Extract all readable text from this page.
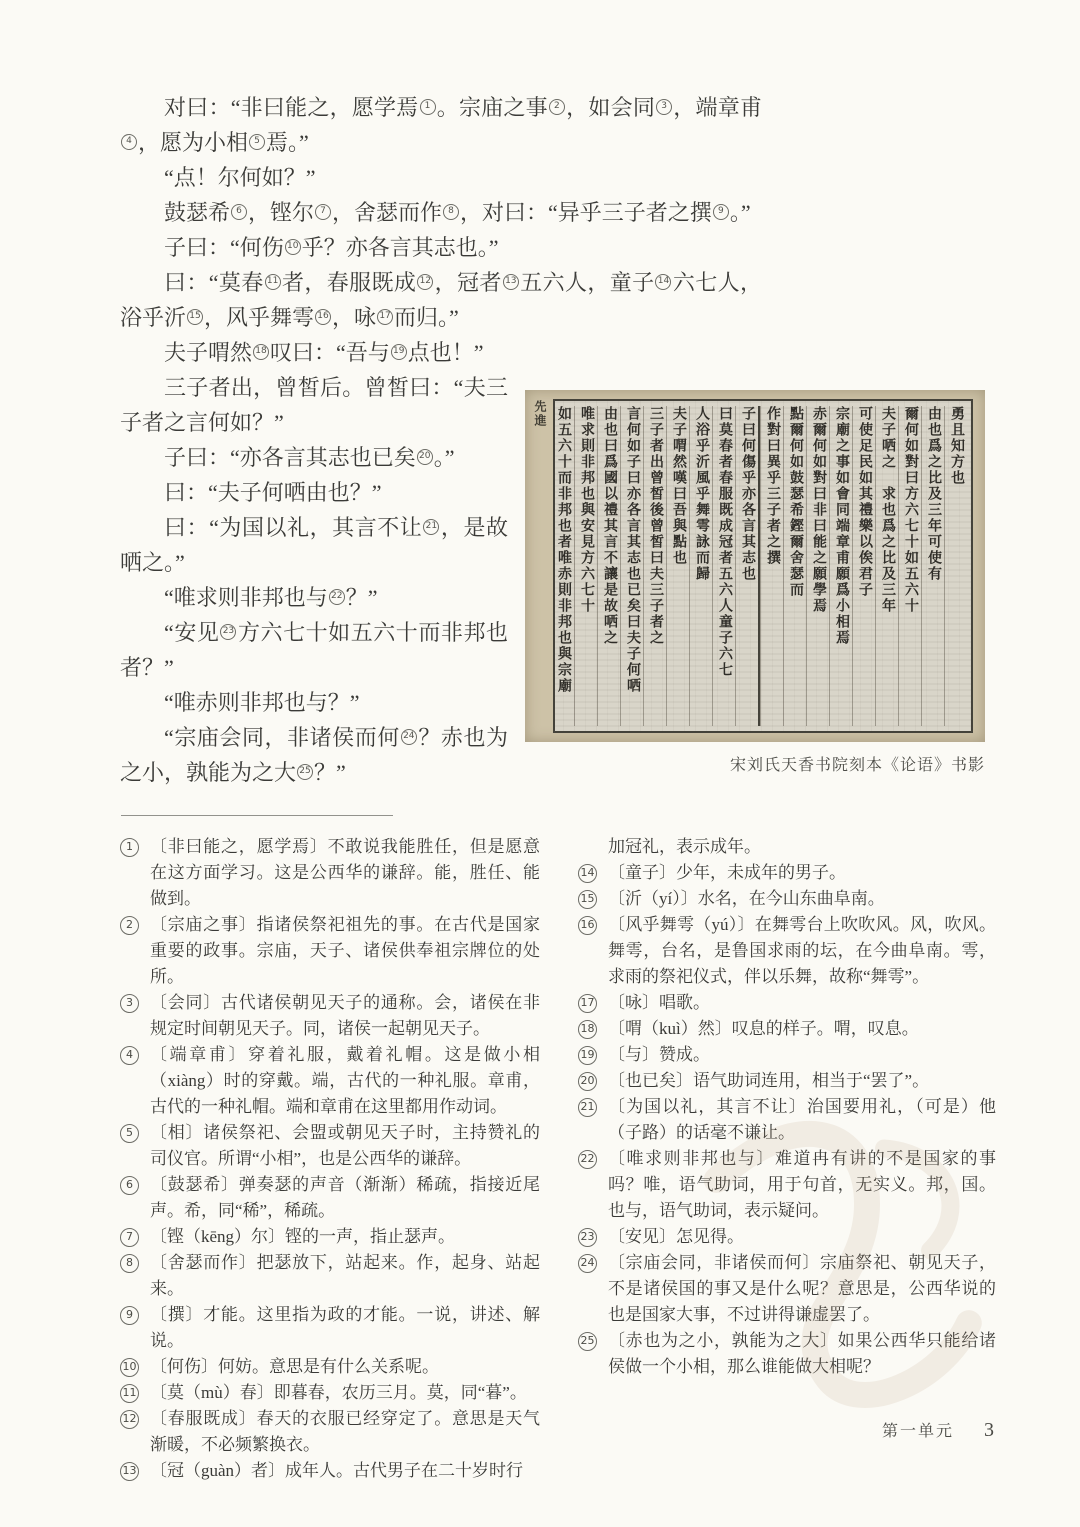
对曰：“非曰能之，愿学焉 1 。宗庙之事 2 ，如会同 3 ，端章甫4 ，愿为小相 5 焉。”

“点！尔何如？”

鼓瑟希 6 ，铿尔 7 ，舍瑟而作 8 ，对曰：“异乎三子者之撰 9 。”

子曰：“何伤 10 乎？亦各言其志也。”

曰：“莫春 11 者，春服既成 12 ，冠者 13 五六人，童子 14 六七人，浴乎沂 15 ，风乎舞雩 16 ，咏 17 而归。”

夫子喟然 18 叹曰：“吾与 19 点也！”

三子者出，曾皙后。曾皙曰：“夫三子者之言何如？”

子曰：“亦各言其志也已矣 20 。”

曰：“夫子何哂由也？”

曰：“为国以礼，其言不让 21 ，是故哂之。”

“唯求则非邦也与 22 ？”

“安见 23 方六七十如五六十而非邦也者？”

“唯赤则非邦也与？”

“宗庙会同，非诸侯而何 24 ？赤也为之小，孰能为之大 25 ？”

先進	勇且知方也
由也爲之比及三年可使有
爾何如對曰方六七十如五六十
夫子哂之　求也爲之比及三年
可使足民如其禮樂以俟君子
宗廟之事如會同端章甫願爲小相焉
赤爾何如對曰非曰能之願學焉
點爾何如鼓瑟希鏗爾舍瑟而
作對曰異乎三子者之撰
子曰何傷乎亦各言其志也
曰莫春者春服既成冠者五六人童子六七
人浴乎沂風乎舞雩詠而歸
夫子喟然嘆曰吾與點也
三子者出曾皙後曾皙曰夫三子者之
言何如子曰亦各言其志也已矣曰夫子何哂
由也曰爲國以禮其言不讓是故哂之
唯求則非邦也與安見方六七十
如五六十而非邦也者唯赤則非邦也與宗廟
宋刘氏天香书院刻本《论语》书影
1	〔非曰能之，愿学焉〕不敢说我能胜任，但是愿意在这方面学习。这是公西华的谦辞。能，胜任、能做到。
2	〔宗庙之事〕指诸侯祭祀祖先的事。在古代是国家重要的政事。宗庙，天子、诸侯供奉祖宗牌位的处所。
3	〔会同〕古代诸侯朝见天子的通称。会，诸侯在非规定时间朝见天子。同，诸侯一起朝见天子。
4	〔端章甫〕穿着礼服，戴着礼帽。这是做小相（xiàng）时的穿戴。端，古代的一种礼服。章甫，古代的一种礼帽。端和章甫在这里都用作动词。
5	〔相〕诸侯祭祀、会盟或朝见天子时，主持赞礼的司仪官。所谓“小相”，也是公西华的谦辞。
6	〔鼓瑟希〕弹奏瑟的声音（渐渐）稀疏，指接近尾声。希，同“稀”，稀疏。
7	〔铿（kēng）尔〕铿的一声，指止瑟声。
8	〔舍瑟而作〕把瑟放下，站起来。作，起身、站起来。
9	〔撰〕才能。这里指为政的才能。一说，讲述、解说。
10 〔何伤〕何妨。意思是有什么关系呢。
11 〔莫（mù）春〕即暮春，农历三月。莫，同“暮”。
12 〔春服既成〕春天的衣服已经穿定了。意思是天气渐暖，不必频繁换衣。
13 〔冠（guàn）者〕成年人。古代男子在二十岁时行
加冠礼，表示成年。
14 〔童子〕少年，未成年的男子。
15 〔沂（yí）〕水名，在今山东曲阜南。
16 〔风乎舞雩（yú）〕在舞雩台上吹吹风。风，吹风。舞雩，台名，是鲁国求雨的坛，在今曲阜南。雩，求雨的祭祀仪式，伴以乐舞，故称“舞雩”。
17 〔咏〕唱歌。
18 〔喟（kuì）然〕叹息的样子。喟，叹息。
19 〔与〕赞成。
20 〔也已矣〕语气助词连用，相当于“罢了”。
21 〔为国以礼，其言不让〕治国要用礼，（可是）他（子路）的话毫不谦让。
22 〔唯求则非邦也与〕难道冉有讲的不是国家的事吗？唯，语气助词，用于句首，无实义。邦，国。也与，语气助词，表示疑问。
23 〔安见〕怎见得。
24 〔宗庙会同，非诸侯而何〕宗庙祭祀、朝见天子，不是诸侯国的事又是什么呢？意思是，公西华说的也是国家大事，不过讲得谦虚罢了。
25 〔赤也为之小，孰能为之大〕如果公西华只能给诸侯做一个小相，那么谁能做大相呢？
第一单元 3
